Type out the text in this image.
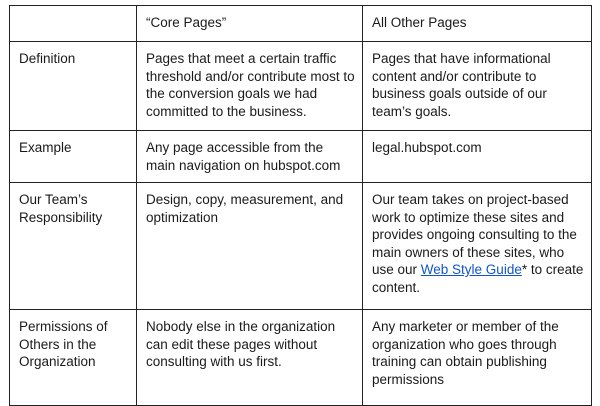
	“Core Pages”	All Other Pages
Definition	Pages that meet a certain traffic threshold and/or contribute most to the conversion goals we had committed to the business.	Pages that have informational content and/or contribute to business goals outside of our team’s goals.
Example	Any page accessible from the main navigation on hubspot.com	legal.hubspot.com
Our Team’s Responsibility	Design, copy, measurement, and optimization	Our team takes on project-based work to optimize these sites and provides ongoing consulting to the main owners of these sites, who use our Web Style Guide* to create content.
Permissions of Others in the Organization	Nobody else in the organization can edit these pages without consulting with us first.	Any marketer or member of the organization who goes through training can obtain publishing permissions
